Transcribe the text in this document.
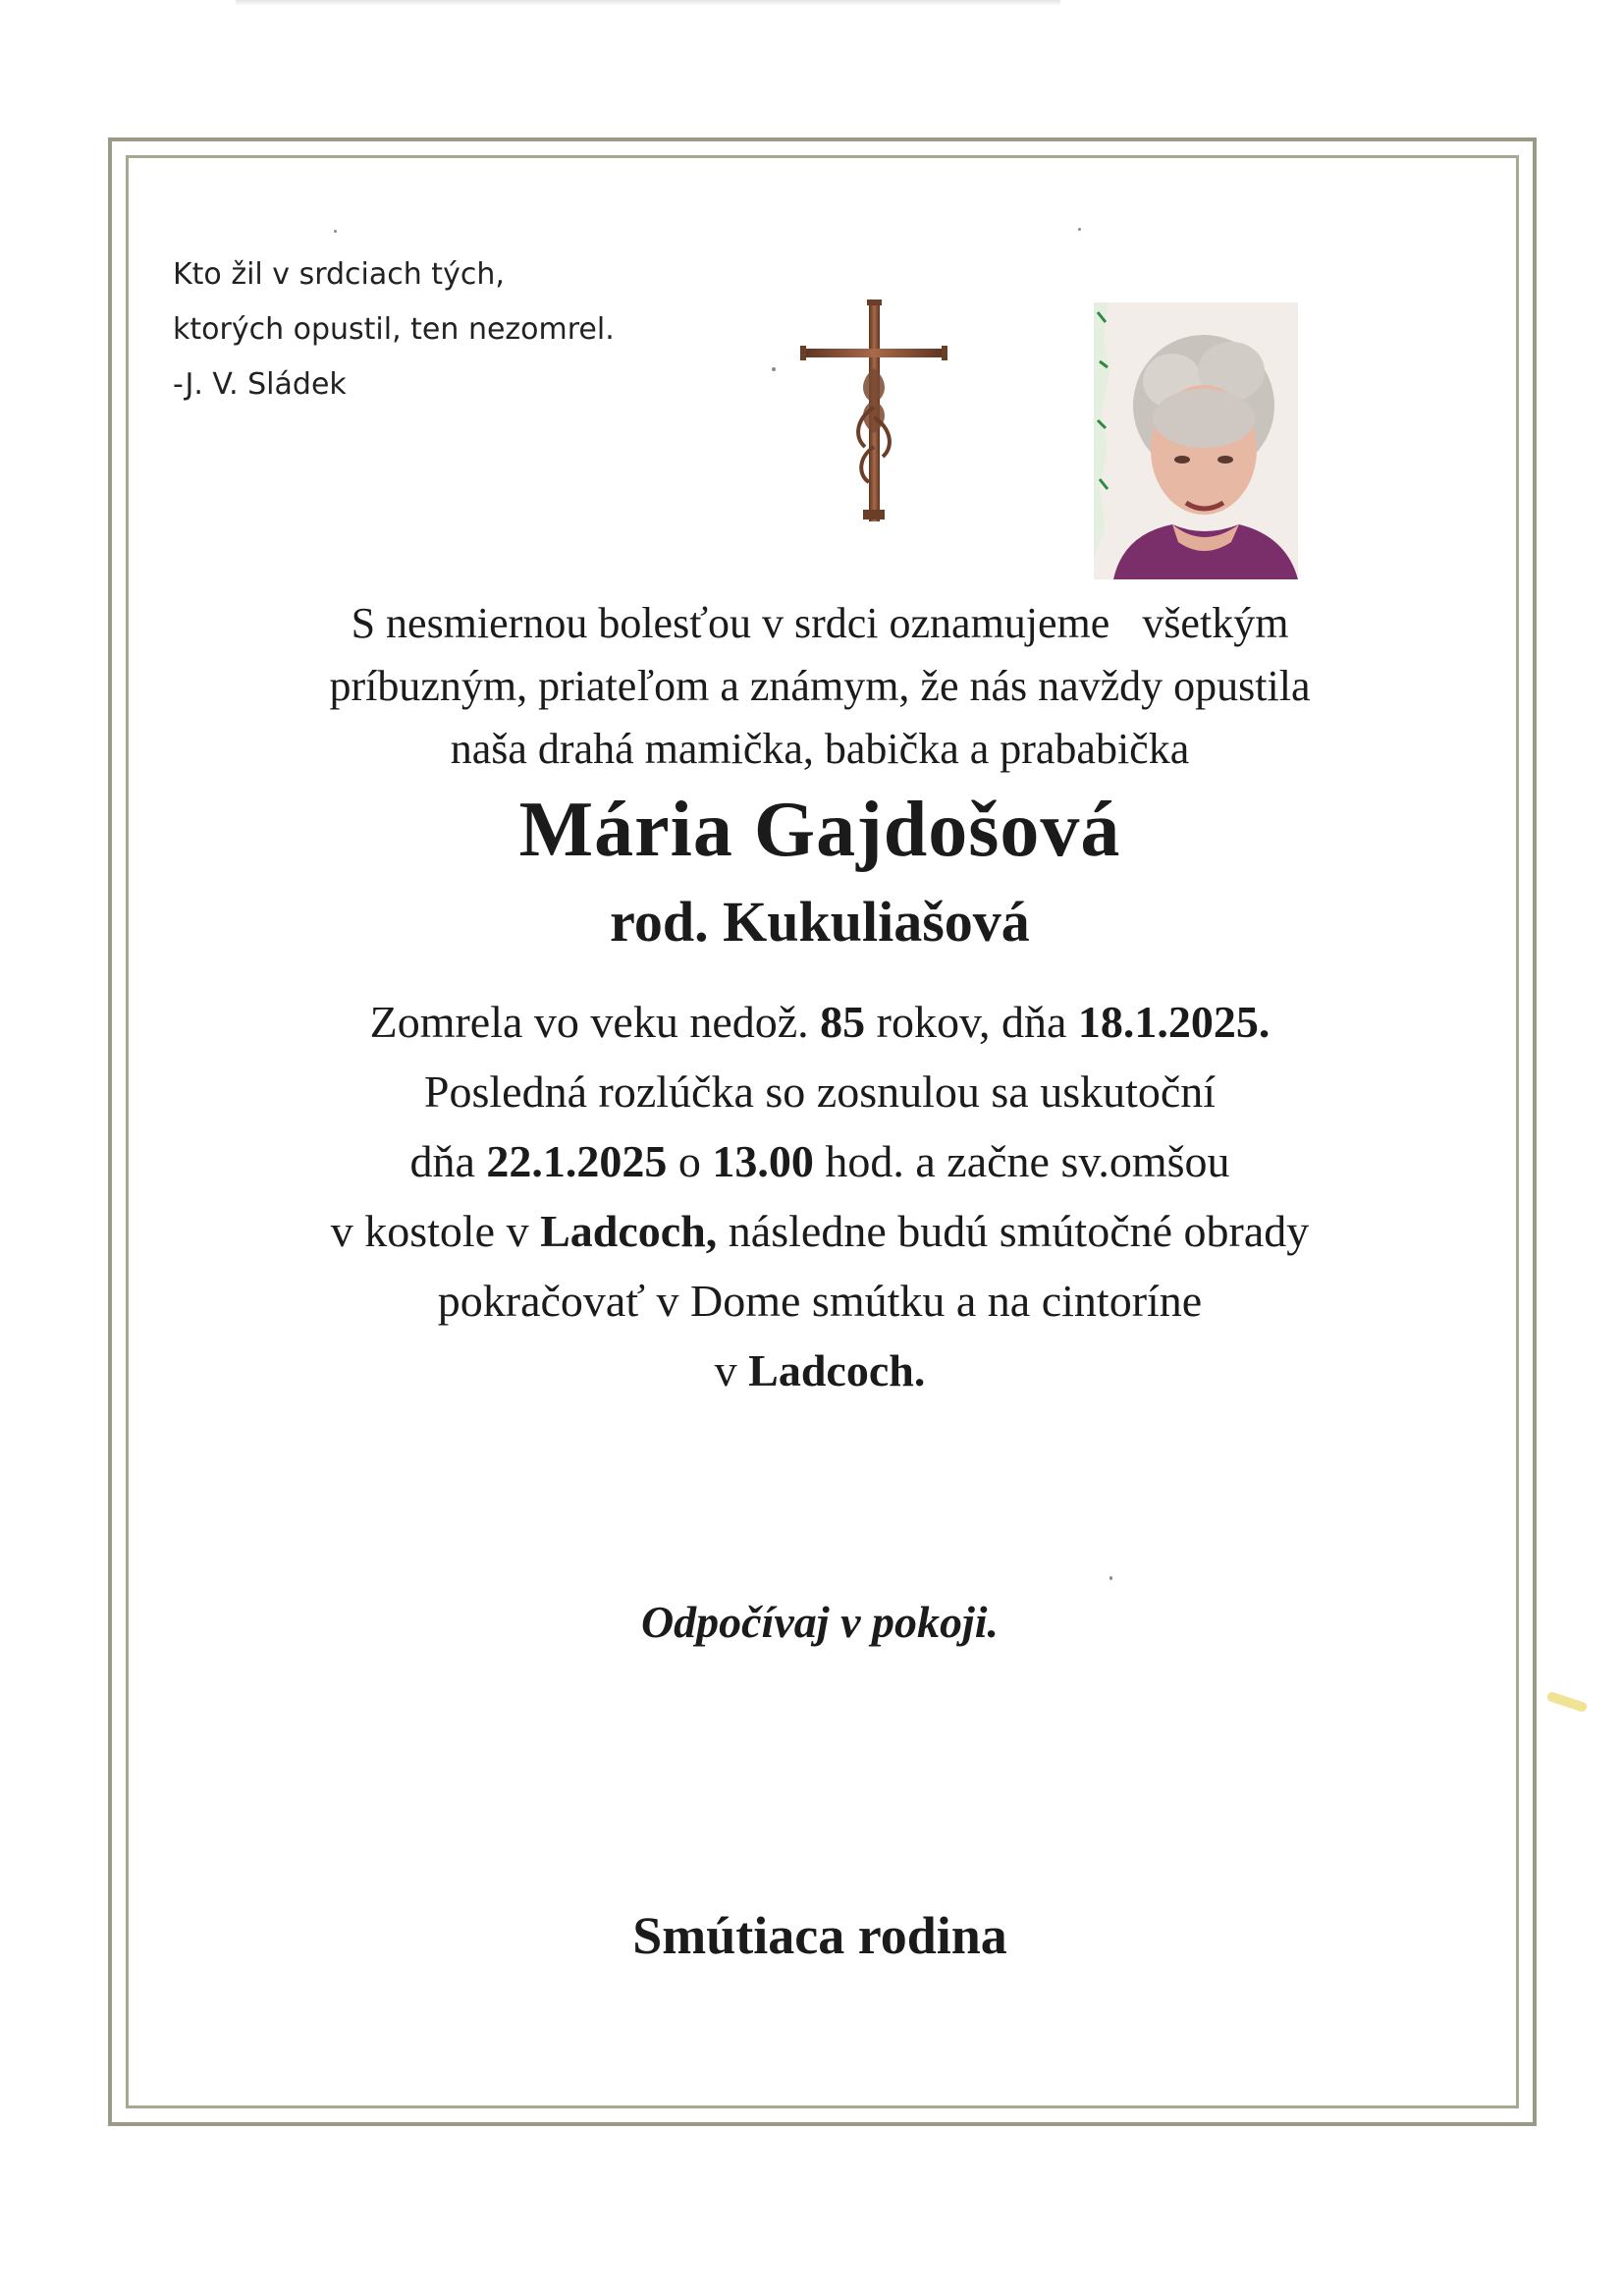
Kto žil v srdciach tých,
ktorých opustil, ten nezomrel.
-J. V. Sládek
S nesmiernou bolesťou v srdci oznamujeme   všetkým
príbuzným, priateľom a známym, že nás navždy opustila
naša drahá mamička, babička a prababička
Mária Gajdošová
rod. Kukuliašová
Zomrela vo veku nedož. 85 rokov, dňa 18.1.2025.
Posledná rozlúčka so zosnulou sa uskutoční
dňa 22.1.2025 o 13.00 hod. a začne sv.omšou
v kostole v Ladcoch, následne budú smútočné obrady
pokračovať v Dome smútku a na cintoríne
v Ladcoch.
Odpočívaj v pokoji.
Smútiaca rodina
